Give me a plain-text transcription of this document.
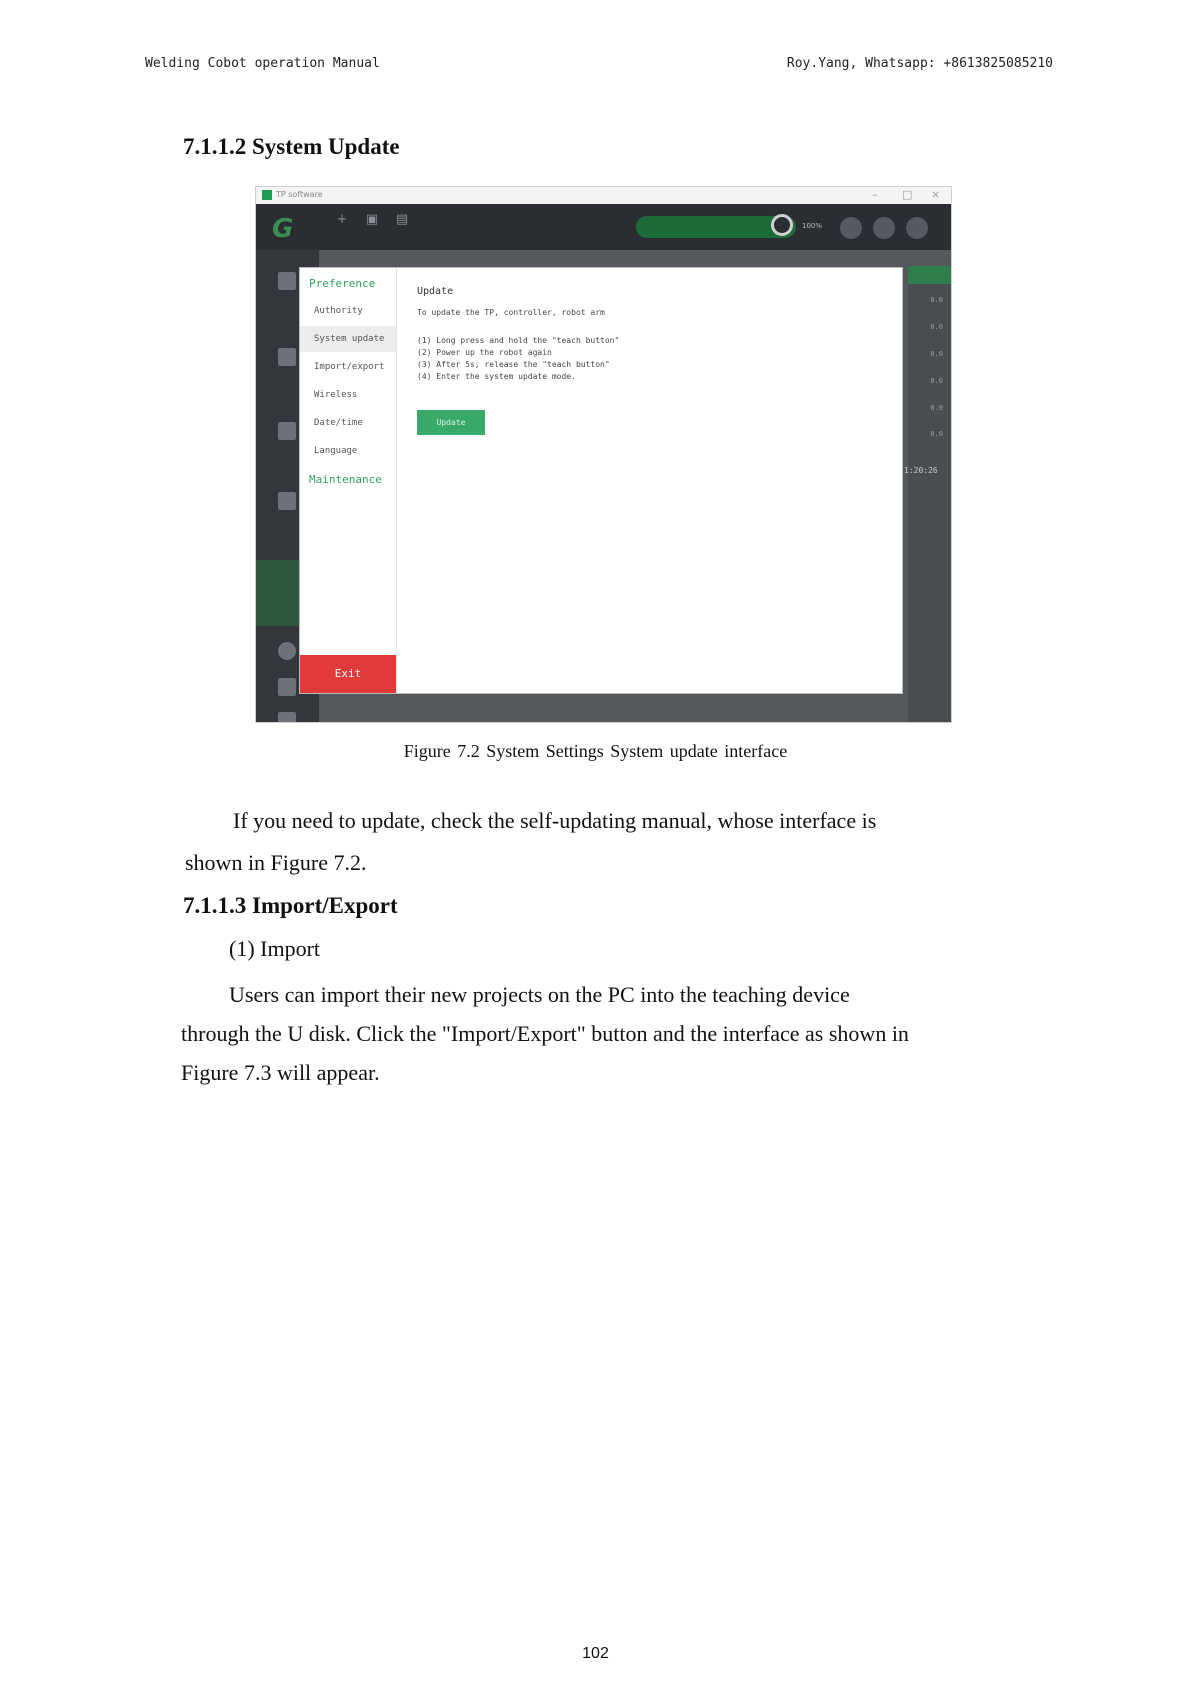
Welding Cobot operation Manual	Roy.Yang, Whatsapp: +8613825085210
7.1.1.2 System Update
TP software	– □ ×
G	+
	▣
	▤
	100%
0.0
0.0
0.0
0.0
0.0
0.0
1:20:26
Preference
Authority
System update
Import/export
Wireless
Date/time
Language
Maintenance
Exit
Update
To update the TP, controller, robot arm
(1) Long press and hold the "teach button"
(2) Power up the robot again
(3) After 5s, release the "teach button"
(4) Enter the system update mode.
Update
Figure 7.2 System Settings System update interface
If you need to update, check the self-updating manual, whose interface is
shown in Figure 7.2.
7.1.1.3 Import/Export
(1) Import
Users can import their new projects on the PC into the teaching device
through the U disk. Click the "Import/Export" button and the interface as shown in
Figure 7.3 will appear.
102
